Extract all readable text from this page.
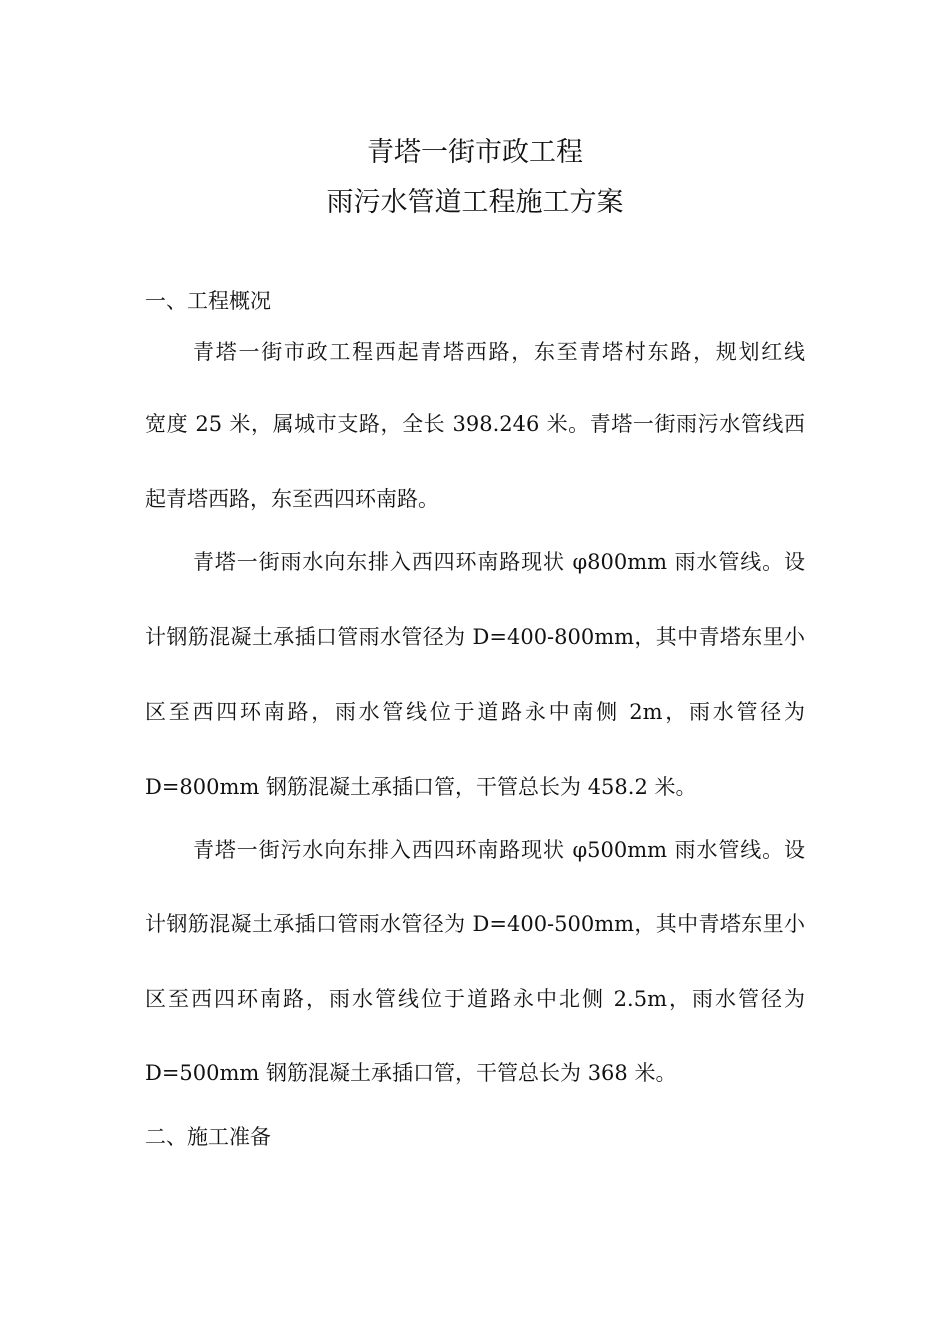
青塔一街市政工程
雨污水管道工程施工方案
一、工程概况
青塔一街市政工程西起青塔西路，东至青塔村东路，规划红线
宽度 25 米，属城市支路，全长 398.246 米。青塔一街雨污水管线西
起青塔西路，东至西四环南路。
青塔一街雨水向东排入西四环南路现状 φ800mm 雨水管线。设
计钢筋混凝土承插口管雨水管径为 D=400-800mm，其中青塔东里小
区至西四环南路，雨水管线位于道路永中南侧 2m，雨水管径为
D=800mm 钢筋混凝土承插口管，干管总长为 458.2 米。
青塔一街污水向东排入西四环南路现状 φ500mm 雨水管线。设
计钢筋混凝土承插口管雨水管径为 D=400-500mm，其中青塔东里小
区至西四环南路，雨水管线位于道路永中北侧 2.5m，雨水管径为
D=500mm 钢筋混凝土承插口管，干管总长为 368 米。
二、施工准备
